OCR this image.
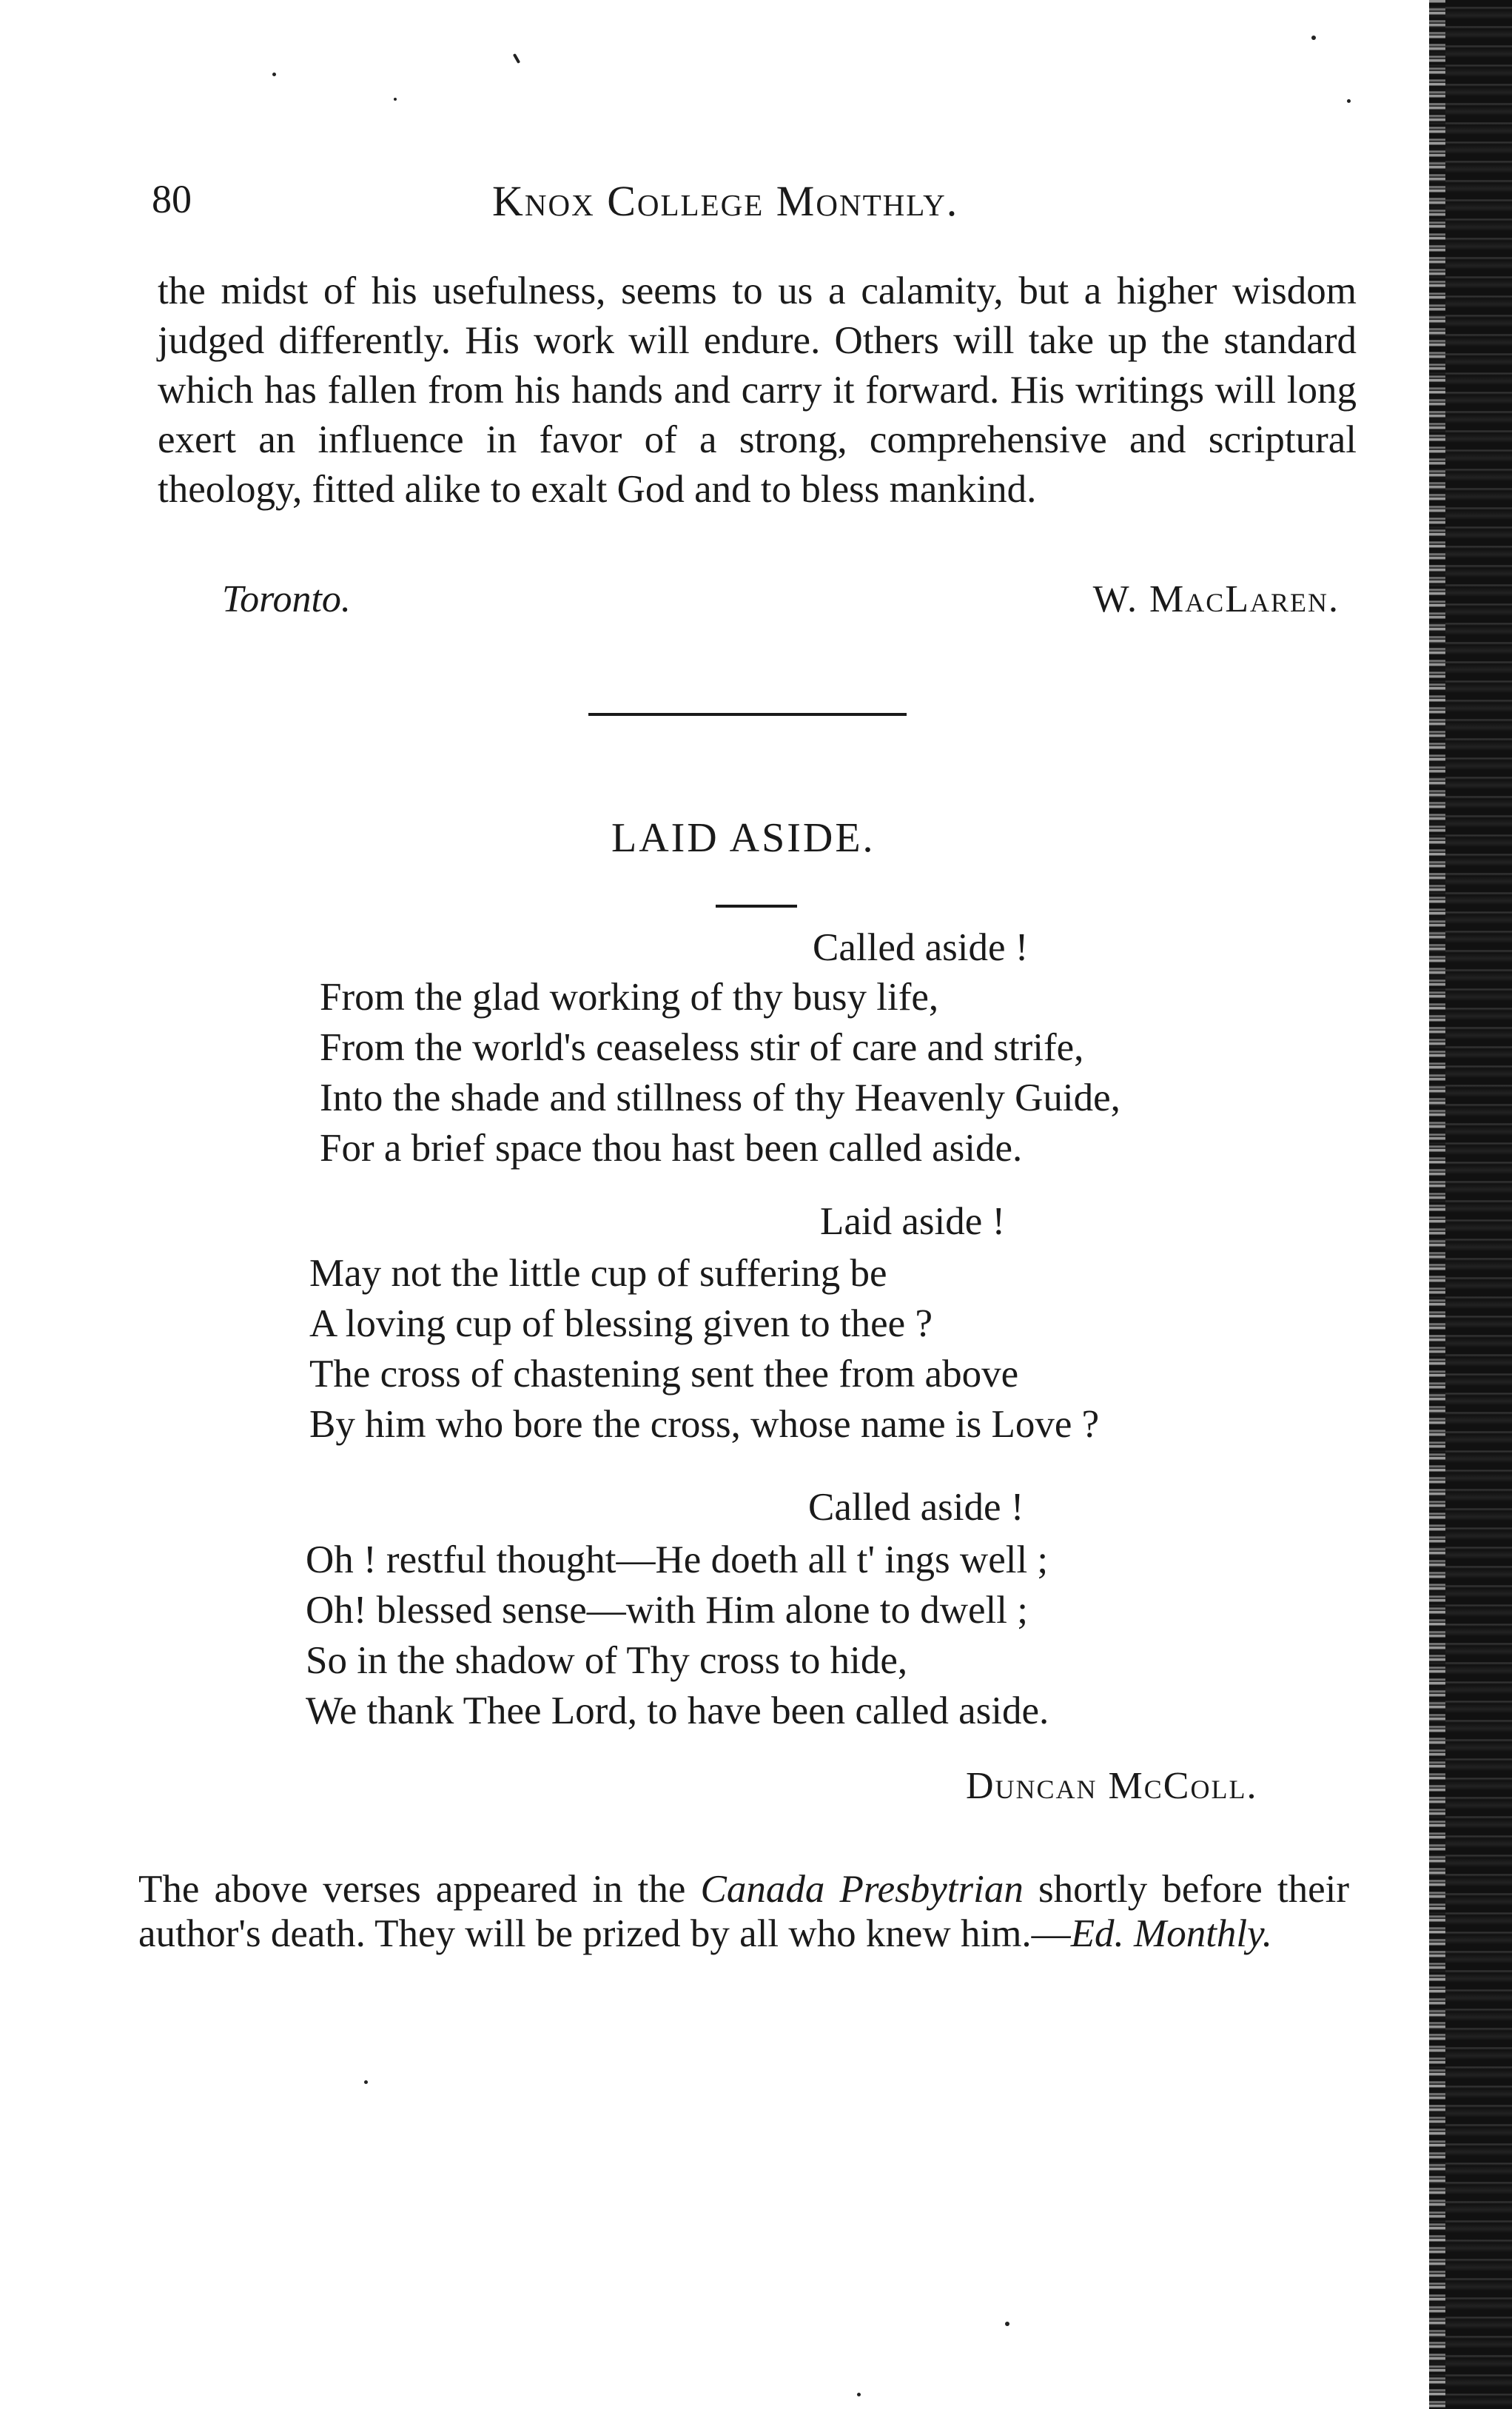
80	Knox College Monthly.

the midst of his usefulness, seems to us a calamity, but a higher wisdom judged differently. His work will endure. Others will take up the standard which has fallen from his hands and carry it forward. His writings will long exert an influence in favor of a strong, comprehensive and scriptural theology, fitted alike to exalt God and to bless mankind.

Toronto.	W. MacLaren.
LAID ASIDE.
Called aside !

From the glad working of thy busy life,
From the world's ceaseless stir of care and strife,
Into the shade and stillness of thy Heavenly Guide,
For a brief space thou hast been called aside.

Laid aside !

May not the little cup of suffering be
A loving cup of blessing given to thee ?
The cross of chastening sent thee from above
By him who bore the cross, whose name is Love ?

Called aside !

Oh ! restful thought—He doeth all t' ings well ;
Oh! blessed sense—with Him alone to dwell ;
So in the shadow of Thy cross to hide,
We thank Thee Lord, to have been called aside.

Duncan McColl.

The above verses appeared in the Canada Presbytrian shortly before their author's death. They will be prized by all who knew him.—Ed. Monthly.
